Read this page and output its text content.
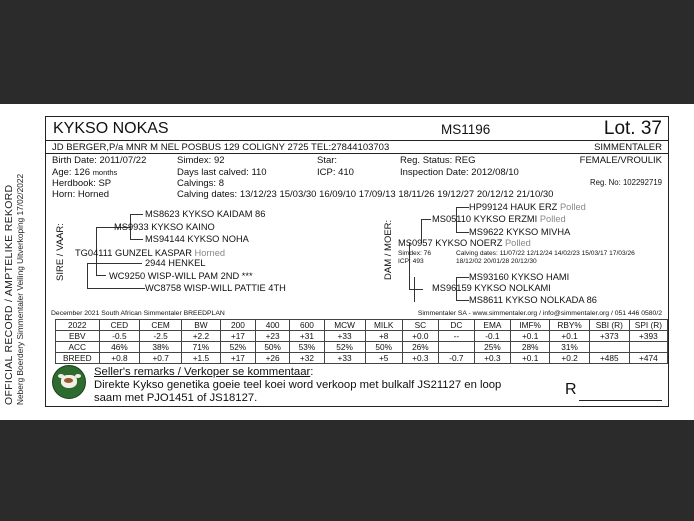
OFFICIAL RECORD / AMPTELIKE REKORD Neberg Boerdery Simmentaler Veiling Uitverkoping 17/02/2022
KYKSO NOKAS	MS1196	Lot. 37
JD BERGER,P/a MNR M NEL POSBUS 129 COLIGNY 2725 TEL:27844103703	SIMMENTALER
Birth Date: 2011/07/22
Age: 126 months
Herdbook: SP
Horn: Horned
Simdex: 92
Days last calved: 110
Calvings: 8
Calving dates: 13/12/23 15/03/30 16/09/10 17/09/13 18/11/26 19/12/27 20/12/12 21/10/30
Star:
ICP: 410
Reg. Status: REG
Inspection Date: 2012/08/10
FEMALE/VROULIK
Reg. No: 102292719
SIRE / VAAR:
MS8623 KYKSO KAIDAM 86
MS9933 KYKSO KAINO
MS94144 KYKSO NOHA
TG04111 GUNZEL KASPAR Horned
2944 HENKEL
WC9250 WISP-WILL PAM 2ND ***
WC8758 WISP-WILL PATTIE 4TH
DAM / MOER:
HP99124 HAUK ERZ Polled
MS05110 KYKSO ERZMI Polled
MS9622 KYKSO MIVHA
MS0957 KYKSO NOERZ Polled
Simdex: 76
ICP: 493
Calving dates: 11/07/22 12/12/24 14/02/23 15/03/17 17/03/26
18/12/02 20/01/28 20/12/30
MS93160 KYKSO HAMI
MS96159 KYKSO NOLKAMI
MS8611 KYKSO NOLKADA 86
December 2021 South African Simmentaler BREEDPLAN	Simmentaler SA - www.simmentaler.org / info@simmentaler.org / 051 446 0580/2
2022	CED	CEM	BW	200	400	600	MCW	MILK	SC	DC	EMA	IMF%	RBY%	SBI (R)	SPI (R)
EBV	-0.5	-2.5	+2.2	+17	+23	+31	+33	+8	+0.0	--	-0.1	+0.1	+0.1	+373	+393
ACC	46%	38%	71%	52%	50%	53%	52%	50%	26%		25%	28%	31%		
BREED	+0.8	+0.7	+1.5	+17	+26	+32	+33	+5	+0.3	-0.7	+0.3	+0.1	+0.2	+485	+474
Seller's remarks / Verkoper se kommentaar:
Direkte Kykso genetika goeie teel koei word verkoop met bulkalf JS21127 en loop saam met PJO1451 of JS18127.	R
